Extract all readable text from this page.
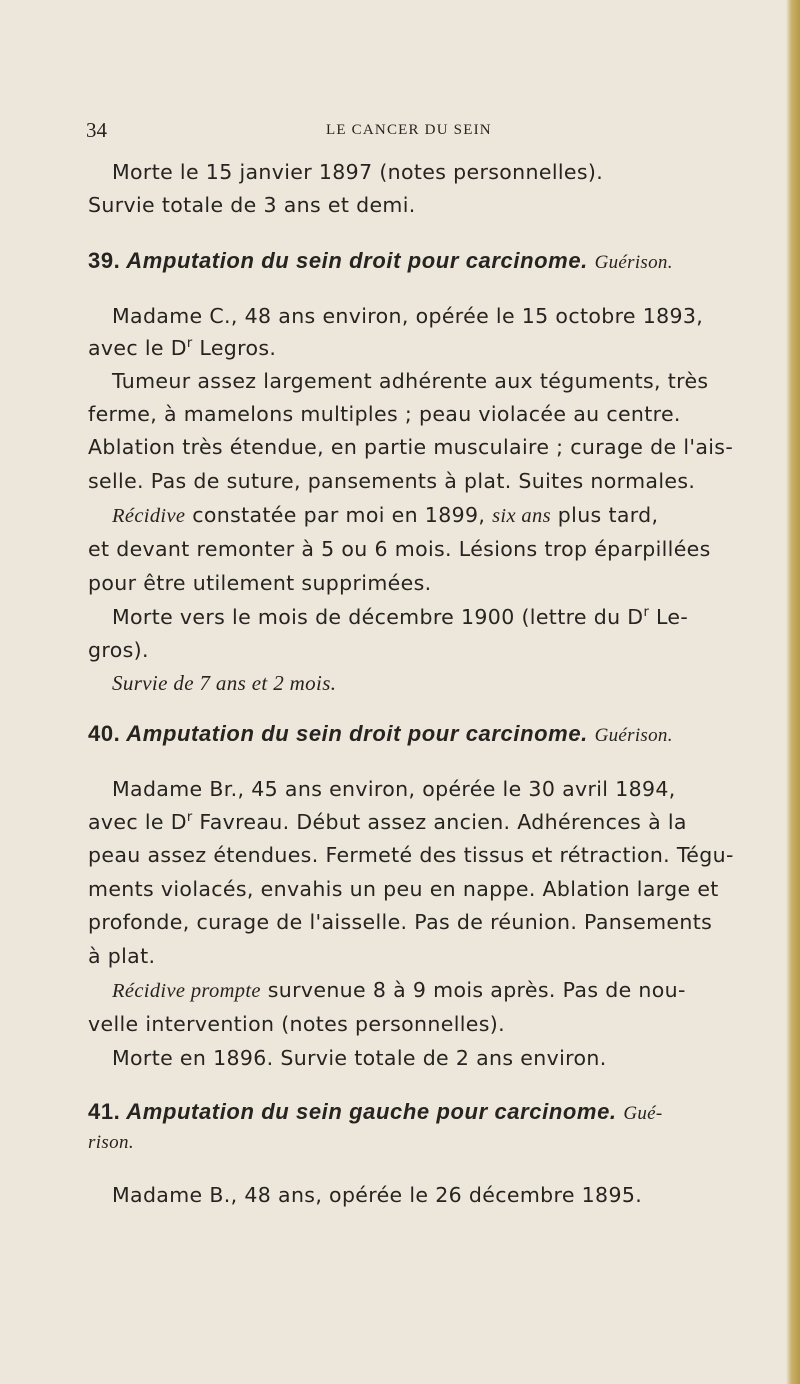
34	LE CANCER DU SEIN
Morte le 15 janvier 1897 (notes personnelles).
Survie totale de 3 ans et demi.
39. Amputation du sein droit pour carcinome. Guérison.
Madame C., 48 ans environ, opérée le 15 octobre 1893,
avec le $D^r$ Legros.
Tumeur assez largement adhérente aux téguments, très
ferme, à mamelons multiples ; peau violacée au centre.
Ablation très étendue, en partie musculaire ; curage de l'ais-
selle. Pas de suture, pansements à plat. Suites normales.
Récidive constatée par moi en 1899, six ans plus tard,
et devant remonter à 5 ou 6 mois. Lésions trop éparpillées
pour être utilement supprimées.
Morte vers le mois de décembre 1900 (lettre du $D^r$ Le-
gros).
Survie de 7 ans et 2 mois.
40. Amputation du sein droit pour carcinome. Guérison.
Madame Br., 45 ans environ, opérée le 30 avril 1894,
avec le $D^r$ Favreau. Début assez ancien. Adhérences à la
peau assez étendues. Fermeté des tissus et rétraction. Tégu-
ments violacés, envahis un peu en nappe. Ablation large et
profonde, curage de l'aisselle. Pas de réunion. Pansements
à plat.
Récidive prompte survenue 8 à 9 mois après. Pas de nou-
velle intervention (notes personnelles).
Morte en 1896. Survie totale de 2 ans environ.
41. Amputation du sein gauche pour carcinome. Gué-
rison.
Madame B., 48 ans, opérée le 26 décembre 1895.
